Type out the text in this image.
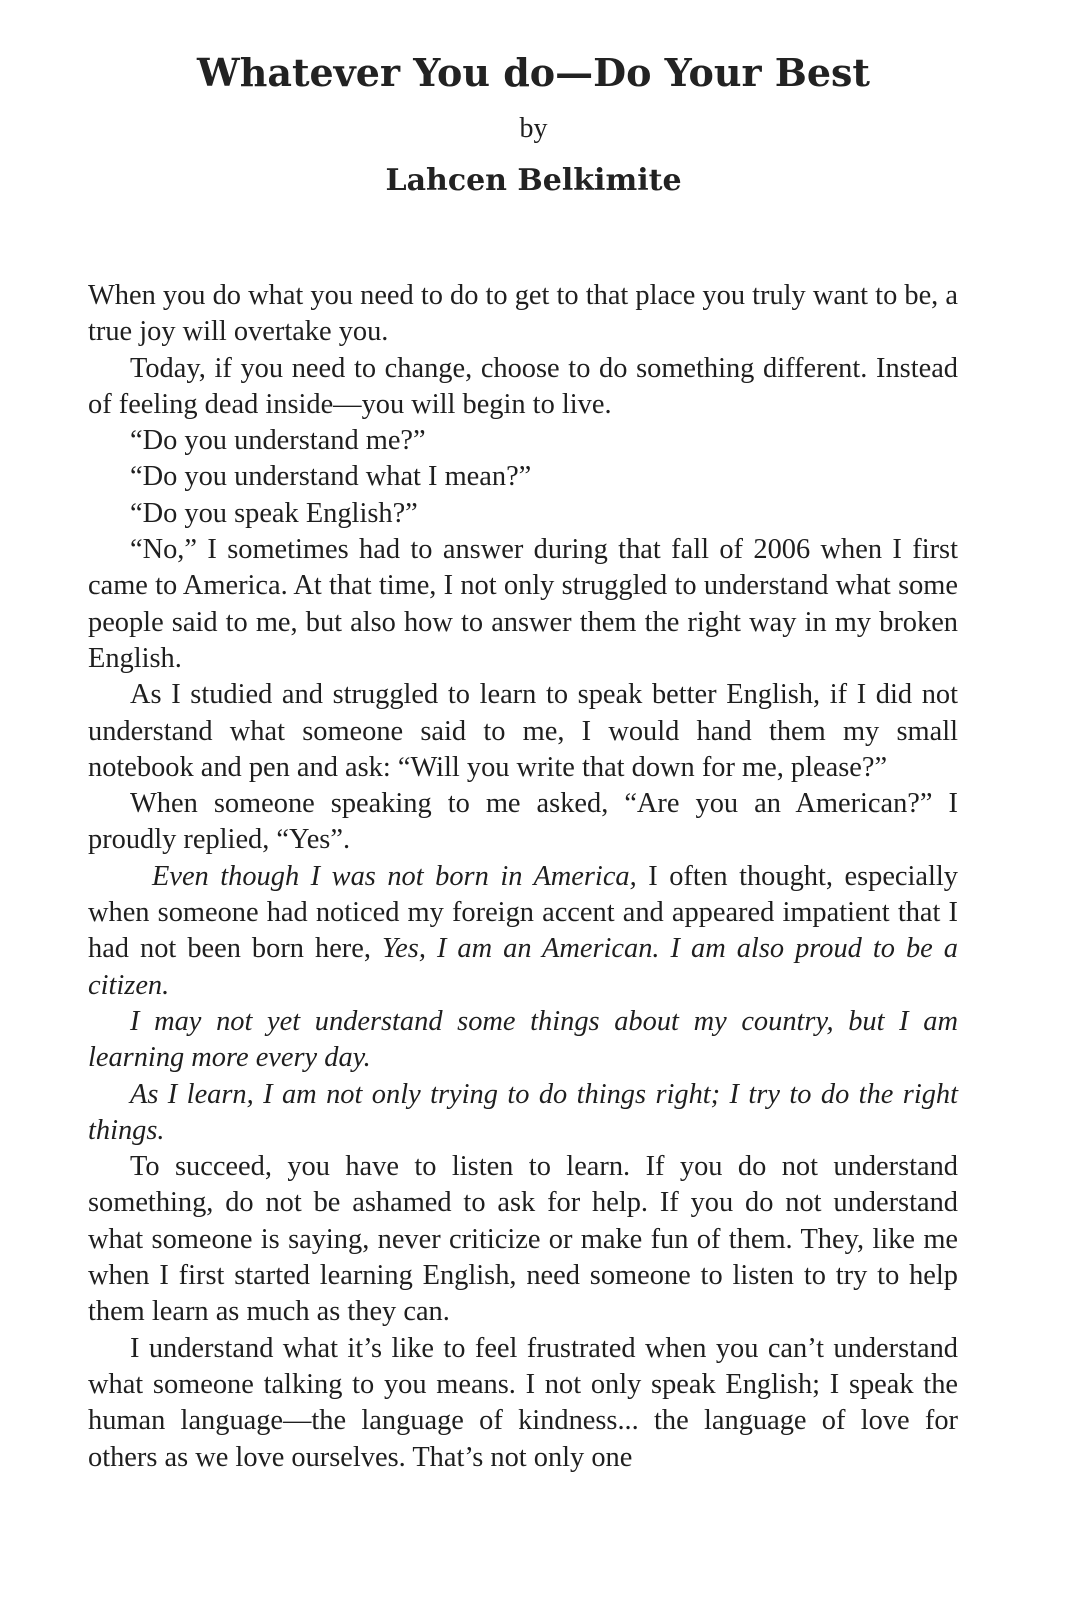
Whatever You do—Do Your Best
by
Lahcen Belkimite

When you do what you need to do to get to that place you truly want to be, a true joy will overtake you.

Today, if you need to change, choose to do something different. Instead of feeling dead inside—you will begin to live.

“Do you understand me?”

“Do you understand what I mean?”

“Do you speak English?”

“No,” I sometimes had to answer during that fall of 2006 when I first came to America. At that time, I not only struggled to understand what some people said to me, but also how to answer them the right way in my broken English.

As I studied and struggled to learn to speak better English, if I did not understand what someone said to me, I would hand them my small notebook and pen and ask: “Will you write that down for me, please?”

When someone speaking to me asked, “Are you an American?” I proudly replied, “Yes”.

Even though I was not born in America, I often thought, especially when someone had noticed my foreign accent and appeared impatient that I had not been born here, Yes, I am an American. I am also proud to be a citizen.

I may not yet understand some things about my country, but I am learning more every day.

As I learn, I am not only trying to do things right; I try to do the right things.

To succeed, you have to listen to learn. If you do not understand something, do not be ashamed to ask for help. If you do not understand what someone is saying, never criticize or make fun of them. They, like me when I first started learning English, need someone to listen to try to help them learn as much as they can.

I understand what it’s like to feel frustrated when you can’t understand what someone talking to you means. I not only speak English; I speak the human language—the language of kindness... the language of love for others as we love ourselves. That’s not only one
